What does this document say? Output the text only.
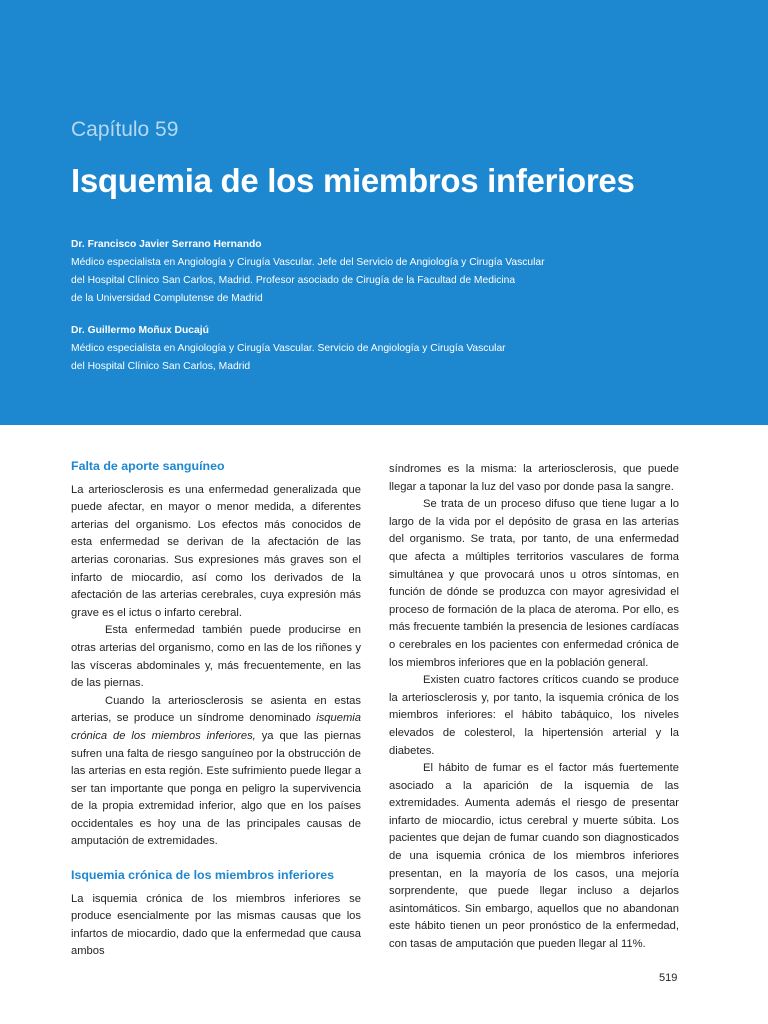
Capítulo 59
Isquemia de los miembros inferiores
Dr. Francisco Javier Serrano Hernando
Médico especialista en Angiología y Cirugía Vascular. Jefe del Servicio de Angiología y Cirugía Vascular
del Hospital Clínico San Carlos, Madrid. Profesor asociado de Cirugía de la Facultad de Medicina
de la Universidad Complutense de Madrid
Dr. Guillermo Moñux Ducajú
Médico especialista en Angiología y Cirugía Vascular. Servicio de Angiología y Cirugía Vascular
del Hospital Clínico San Carlos, Madrid
Falta de aporte sanguíneo

La arteriosclerosis es una enfermedad generalizada que puede afectar, en mayor o menor medida, a diferentes arterias del organismo. Los efectos más conocidos de esta enfermedad se derivan de la afectación de las arterias coronarias. Sus expresiones más graves son el infarto de miocardio, así como los derivados de la afectación de las arterias cerebrales, cuya expresión más grave es el ictus o infarto cerebral.

Esta enfermedad también puede producirse en otras arterias del organismo, como en las de los riñones y las vísceras abdominales y, más frecuentemente, en las de las piernas.

Cuando la arteriosclerosis se asienta en estas arterias, se produce un síndrome denominado isquemia crónica de los miembros inferiores, ya que las piernas sufren una falta de riesgo sanguíneo por la obstrucción de las arterias en esta región. Este sufrimiento puede llegar a ser tan importante que ponga en peligro la supervivencia de la propia extremidad inferior, algo que en los países occidentales es hoy una de las principales causas de amputación de extremidades.

Isquemia crónica de los miembros inferiores

La isquemia crónica de los miembros inferiores se produce esencialmente por las mismas causas que los infartos de miocardio, dado que la enfermedad que causa ambos

síndromes es la misma: la arteriosclerosis, que puede llegar a taponar la luz del vaso por donde pasa la sangre.

Se trata de un proceso difuso que tiene lugar a lo largo de la vida por el depósito de grasa en las arterias del organismo. Se trata, por tanto, de una enfermedad que afecta a múltiples territorios vasculares de forma simultánea y que provocará unos u otros síntomas, en función de dónde se produzca con mayor agresividad el proceso de formación de la placa de ateroma. Por ello, es más frecuente también la presencia de lesiones cardíacas o cerebrales en los pacientes con enfermedad crónica de los miembros inferiores que en la población general.

Existen cuatro factores críticos cuando se produce la arteriosclerosis y, por tanto, la isquemia crónica de los miembros inferiores: el hábito tabáquico, los niveles elevados de colesterol, la hipertensión arterial y la diabetes.

El hábito de fumar es el factor más fuertemente asociado a la aparición de la isquemia de las extremidades. Aumenta además el riesgo de presentar infarto de miocardio, ictus cerebral y muerte súbita. Los pacientes que dejan de fumar cuando son diagnosticados de una isquemia crónica de los miembros inferiores presentan, en la mayoría de los casos, una mejoría sorprendente, que puede llegar incluso a dejarlos asintomáticos. Sin embargo, aquellos que no abandonan este hábito tienen un peor pronóstico de la enfermedad, con tasas de amputación que pueden llegar al 11%.

519
